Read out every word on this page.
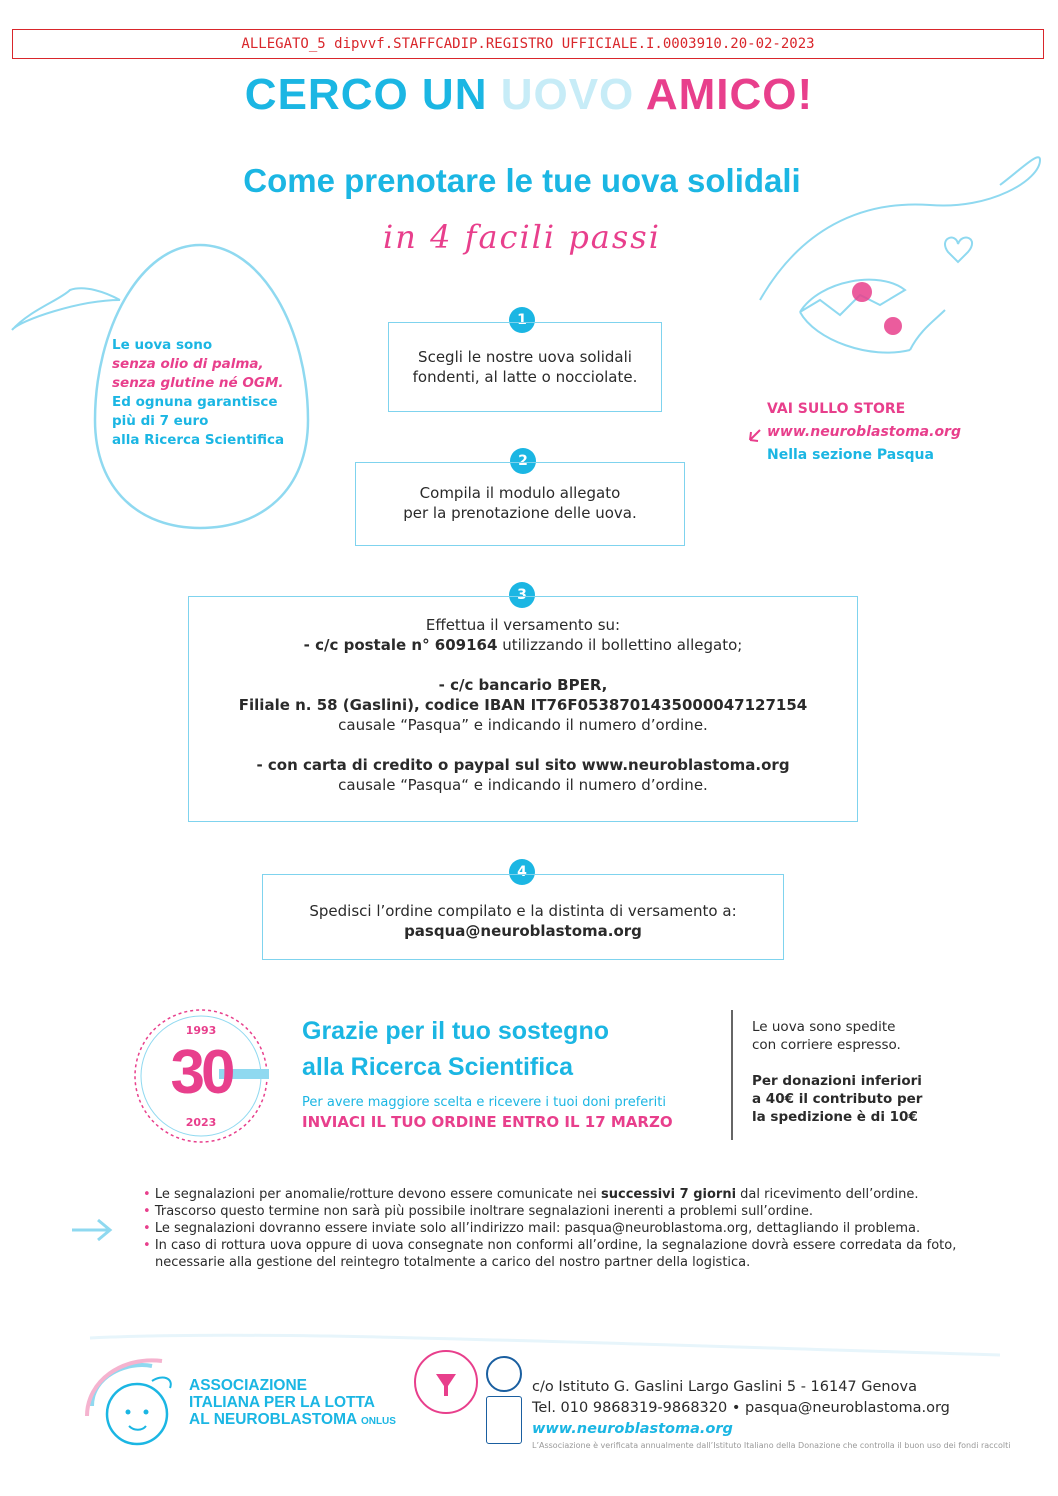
ALLEGATO_5 dipvvf.STAFFCADIP.REGISTRO UFFICIALE.I.0003910.20-02-2023
CERCO UN UOVO AMICO!
Come prenotare le tue uova solidali
in 4 facili passi
Le uova sono
senza olio di palma,
senza glutine né OGM.
Ed ognuna garantisce
più di 7 euro
alla Ricerca Scientifica
VAI SULLO STORE
www.neuroblastoma.org
Nella sezione Pasqua
1
Scegli le nostre uova solidali
fondenti, al latte o nocciolate.
2
Compila il modulo allegato
per la prenotazione delle uova.
3
Effettua il versamento su:
- c/c postale n° 609164 utilizzando il bollettino allegato;
- c/c bancario BPER,
Filiale n. 58 (Gaslini), codice IBAN IT76F0538701435000047127154
causale “Pasqua” e indicando il numero d’ordine.
- con carta di credito o paypal sul sito www.neuroblastoma.org
causale “Pasqua“ e indicando il numero d’ordine.
4
Spedisci l’ordine compilato e la distinta di versamento a:
pasqua@neuroblastoma.org
1993
30
2023
Grazie per il tuo sostegno
alla Ricerca Scientifica
Per avere maggiore scelta e ricevere i tuoi doni preferiti
INVIACI IL TUO ORDINE ENTRO IL 17 MARZO
Le uova sono spedite
con corriere espresso.
Per donazioni inferiori
a 40€ il contributo per
la spedizione è di 10€
• Le segnalazioni per anomalie/rotture devono essere comunicate nei successivi 7 giorni dal ricevimento dell’ordine.
• Trascorso questo termine non sarà più possibile inoltrare segnalazioni inerenti a problemi sull’ordine.
• Le segnalazioni dovranno essere inviate solo all’indirizzo mail: pasqua@neuroblastoma.org, dettagliando il problema.
• In caso di rottura uova oppure di uova consegnate non conformi all’ordine, la segnalazione dovrà essere corredata da foto, necessarie alla gestione del reintegro totalmente a carico del nostro partner della logistica.
ASSOCIAZIONE
ITALIANA PER LA LOTTA
AL NEUROBLASTOMA ONLUS
c/o Istituto G. Gaslini Largo Gaslini 5 - 16147 Genova
Tel. 010 9868319-9868320 • pasqua@neuroblastoma.org
www.neuroblastoma.org
L’Associazione è verificata annualmente dall’Istituto Italiano della Donazione che controlla il buon uso dei fondi raccolti
